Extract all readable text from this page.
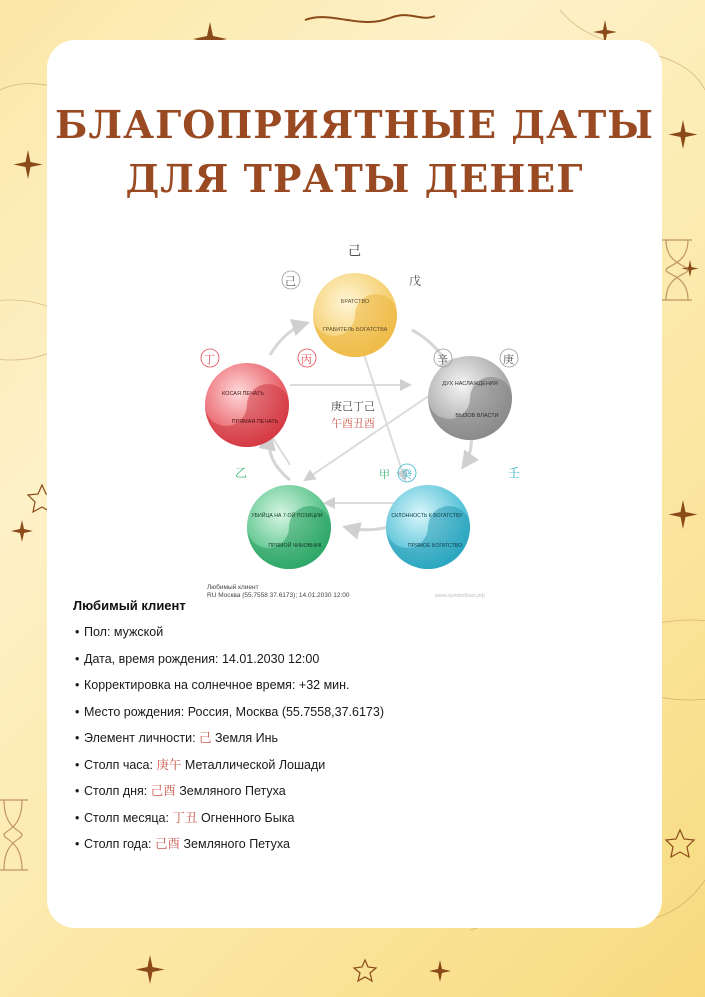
БЛАГОПРИЯТНЫЕ ДАТЫ
ДЛЯ ТРАТЫ ДЕНЕГ
БРАТСТВО
ГРАБИТЕЛЬ БОГАТСТВА
ДУХ НАСЛАЖДЕНИЯ
ВЫЗОВ ВЛАСТИ
СКЛОННОСТЬ К БОГАТСТВУ
ПРЯМОЕ БОГАТСТВО
УБИЙЦА НА 7-ОЙ ПОЗИЦИИ
ПРЯМОЙ ЧИНОВНИК
КОСАЯ ПЕЧАТЬ
ПРЯМАЯ ПЕЧАТЬ
己
己	戊
辛	庚
癸	壬
乙	甲
丁	丙
庚己丁己
午酉丑酉
Любимый клиент
RU Москва (55.7558 37.6173); 14.01.2030 12:00	www.symbolbazi.рф
Любимый клиент
• Пол: мужской
• Дата, время рождения: 14.01.2030 12:00
• Корректировка на солнечное время: +32 мин.
• Место рождения: Россия, Москва (55.7558,37.6173)
• Элемент личности: 己 Земля Инь
• Столп часа: 庚午 Металлической Лошади
• Столп дня: 己酉 Земляного Петуха
• Столп месяца: 丁丑 Огненного Быка
• Столп года: 己酉 Земляного Петуха
